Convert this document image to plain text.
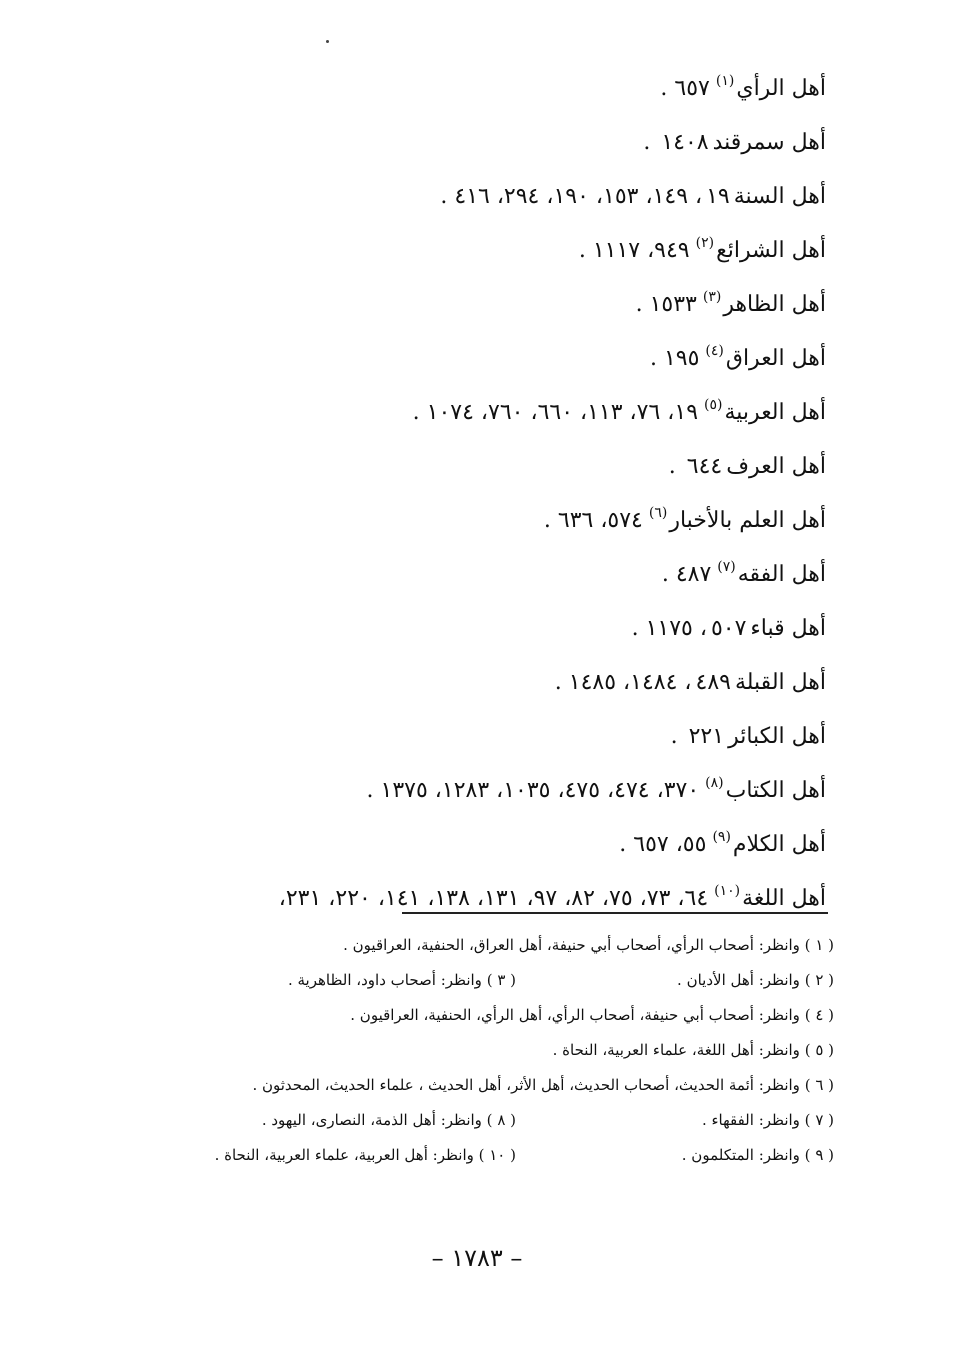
أهل الرأي$^{(١)}$٦٥٧ .
أهل سمرقند١٤٠٨ .
أهل السنة١٩، ١٤٩، ١٥٣، ١٩٠، ٢٩٤، ٤١٦ .
أهل الشرائع$^{(٢)}$٩٤٩، ١١١٧ .
أهل الظاهر$^{(٣)}$١٥٣٣ .
أهل العراق$^{(٤)}$١٩٥ .
أهل العربية$^{(٥)}$١٩، ٧٦، ١١٣، ٦٦٠، ٧٦٠، ١٠٧٤ .
أهل العرف٦٤٤ .
أهل العلم بالأخبار$^{(٦)}$٥٧٤، ٦٣٦ .
أهل الفقه$^{(٧)}$٤٨٧ .
أهل قباء٥٠٧، ١١٧٥ .
أهل القبلة٤٨٩، ١٤٨٤، ١٤٨٥ .
أهل الكبائر٢٢١ .
أهل الكتاب$^{(٨)}$٣٧٠، ٤٧٤، ٤٧٥، ١٠٣٥، ١٢٨٣، ١٣٧٥ .
أهل الكلام$^{(٩)}$٥٥، ٦٥٧ .
أهل اللغة$^{(١٠)}$٦٤، ٧٣، ٧٥، ٨٢، ٩٧، ١٣١، ١٣٨، ١٤١، ٢٢٠، ٢٣١،
( ١ ) وانظر: أصحاب الرأي، أصحاب أبي حنيفة، أهل العراق، الحنفية، العراقيون .
( ٢ ) وانظر: أهل الأديان .
( ٣ ) وانظر: أصحاب داود، الظاهرية .
( ٤ ) وانظر: أصحاب أبي حنيفة، أصحاب الرأي، أهل الرأي، الحنفية، العراقيون .
( ٥ ) وانظر: أهل اللغة، علماء العربية، النحاة .
( ٦ ) وانظر: أئمة الحديث، أصحاب الحديث، أهل الأثر، أهل الحديث ، علماء الحديث، المحدثون .
( ٧ ) وانظر: الفقهاء .
( ٨ ) وانظر: أهل الذمة، النصارى، اليهود .
( ٩ ) وانظر: المتكلمون .
( ١٠ ) وانظر: أهل العربية، علماء العربية، النحاة .
– ١٧٨٣ –
